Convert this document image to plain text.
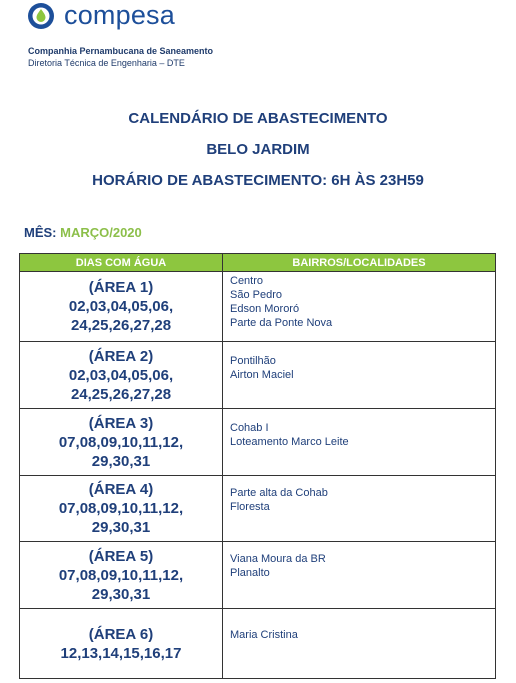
compesa
Companhia Pernambucana de Saneamento
Diretoria Técnica de Engenharia – DTE
CALENDÁRIO DE ABASTECIMENTO
BELO JARDIM
HORÁRIO DE ABASTECIMENTO: 6H ÀS 23H59
MÊS: MARÇO/2020
DIAS COM ÁGUA	BAIRROS/LOCALIDADES

(ÁREA 1)
02,03,04,05,06,
24,25,26,27,28	Centro
São Pedro
Edson Mororó
Parte da Ponte Nova

(ÁREA 2)
02,03,04,05,06,
24,25,26,27,28	Pontilhão
Airton Maciel

(ÁREA 3)
07,08,09,10,11,12,
29,30,31	Cohab I
Loteamento Marco Leite

(ÁREA 4)
07,08,09,10,11,12,
29,30,31	Parte alta da Cohab
Floresta

(ÁREA 5)
07,08,09,10,11,12,
29,30,31	Viana Moura da BR
Planalto

(ÁREA 6)
12,13,14,15,16,17	Maria Cristina
